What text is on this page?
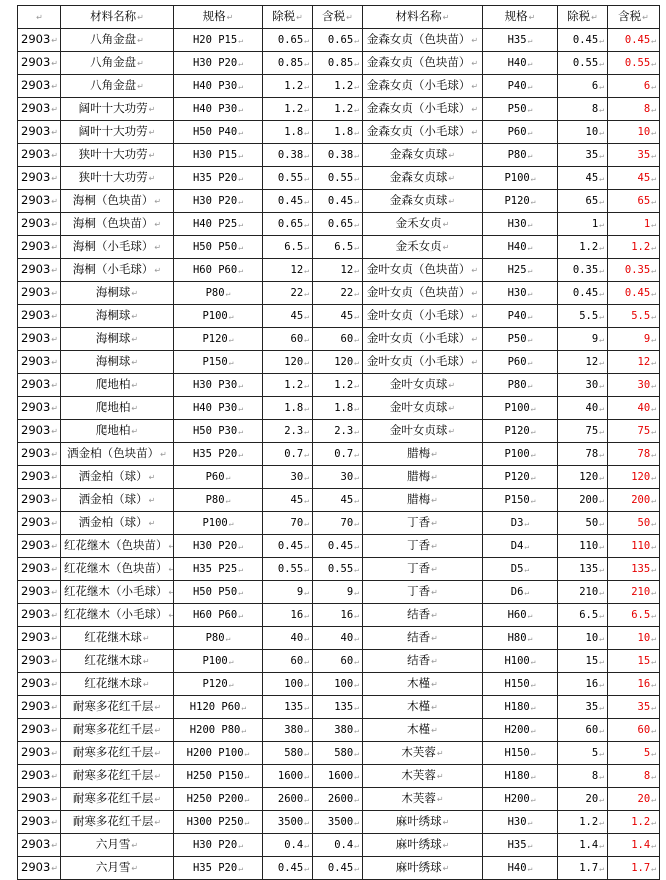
↵	材料名称 ↵	规格 ↵	除税 ↵	含税 ↵	材料名称 ↵	规格 ↵	除税 ↵	含税 ↵
2903 ↵	八角金盘 ↵	H20 P15 ↵	0.65 ↵	0.65 ↵	金森女贞（色块苗） ↵	H35 ↵	0.45 ↵	0.45 ↵
2903 ↵	八角金盘 ↵	H30 P20 ↵	0.85 ↵	0.85 ↵	金森女贞（色块苗） ↵	H40 ↵	0.55 ↵	0.55 ↵
2903 ↵	八角金盘 ↵	H40 P30 ↵	1.2 ↵	1.2 ↵	金森女贞（小毛球） ↵	P40 ↵	6 ↵	6 ↵
2903 ↵	阔叶十大功劳 ↵	H40 P30 ↵	1.2 ↵	1.2 ↵	金森女贞（小毛球） ↵	P50 ↵	8 ↵	8 ↵
2903 ↵	阔叶十大功劳 ↵	H50 P40 ↵	1.8 ↵	1.8 ↵	金森女贞（小毛球） ↵	P60 ↵	10 ↵	10 ↵
2903 ↵	狭叶十大功劳 ↵	H30 P15 ↵	0.38 ↵	0.38 ↵	金森女贞球 ↵	P80 ↵	35 ↵	35 ↵
2903 ↵	狭叶十大功劳 ↵	H35 P20 ↵	0.55 ↵	0.55 ↵	金森女贞球 ↵	P100 ↵	45 ↵	45 ↵
2903 ↵	海桐（色块苗） ↵	H30 P20 ↵	0.45 ↵	0.45 ↵	金森女贞球 ↵	P120 ↵	65 ↵	65 ↵
2903 ↵	海桐（色块苗） ↵	H40 P25 ↵	0.65 ↵	0.65 ↵	金禾女贞 ↵	H30 ↵	1 ↵	1 ↵
2903 ↵	海桐（小毛球） ↵	H50 P50 ↵	6.5 ↵	6.5 ↵	金禾女贞 ↵	H40 ↵	1.2 ↵	1.2 ↵
2903 ↵	海桐（小毛球） ↵	H60 P60 ↵	12 ↵	12 ↵	金叶女贞（色块苗） ↵	H25 ↵	0.35 ↵	0.35 ↵
2903 ↵	海桐球 ↵	P80 ↵	22 ↵	22 ↵	金叶女贞（色块苗） ↵	H30 ↵	0.45 ↵	0.45 ↵
2903 ↵	海桐球 ↵	P100 ↵	45 ↵	45 ↵	金叶女贞（小毛球） ↵	P40 ↵	5.5 ↵	5.5 ↵
2903 ↵	海桐球 ↵	P120 ↵	60 ↵	60 ↵	金叶女贞（小毛球） ↵	P50 ↵	9 ↵	9 ↵
2903 ↵	海桐球 ↵	P150 ↵	120 ↵	120 ↵	金叶女贞（小毛球） ↵	P60 ↵	12 ↵	12 ↵
2903 ↵	爬地柏 ↵	H30 P30 ↵	1.2 ↵	1.2 ↵	金叶女贞球 ↵	P80 ↵	30 ↵	30 ↵
2903 ↵	爬地柏 ↵	H40 P30 ↵	1.8 ↵	1.8 ↵	金叶女贞球 ↵	P100 ↵	40 ↵	40 ↵
2903 ↵	爬地柏 ↵	H50 P30 ↵	2.3 ↵	2.3 ↵	金叶女贞球 ↵	P120 ↵	75 ↵	75 ↵
2903 ↵	洒金柏（色块苗） ↵	H35 P20 ↵	0.7 ↵	0.7 ↵	腊梅 ↵	P100 ↵	78 ↵	78 ↵
2903 ↵	洒金柏（球） ↵	P60 ↵	30 ↵	30 ↵	腊梅 ↵	P120 ↵	120 ↵	120 ↵
2903 ↵	洒金柏（球） ↵	P80 ↵	45 ↵	45 ↵	腊梅 ↵	P150 ↵	200 ↵	200 ↵
2903 ↵	洒金柏（球） ↵	P100 ↵	70 ↵	70 ↵	丁香 ↵	D3 ↵	50 ↵	50 ↵
2903 ↵	红花继木（色块苗） ↵	H30 P20 ↵	0.45 ↵	0.45 ↵	丁香 ↵	D4 ↵	110 ↵	110 ↵
2903 ↵	红花继木（色块苗） ↵	H35 P25 ↵	0.55 ↵	0.55 ↵	丁香 ↵	D5 ↵	135 ↵	135 ↵
2903 ↵	红花继木（小毛球） ↵	H50 P50 ↵	9 ↵	9 ↵	丁香 ↵	D6 ↵	210 ↵	210 ↵
2903 ↵	红花继木（小毛球） ↵	H60 P60 ↵	16 ↵	16 ↵	结香 ↵	H60 ↵	6.5 ↵	6.5 ↵
2903 ↵	红花继木球 ↵	P80 ↵	40 ↵	40 ↵	结香 ↵	H80 ↵	10 ↵	10 ↵
2903 ↵	红花继木球 ↵	P100 ↵	60 ↵	60 ↵	结香 ↵	H100 ↵	15 ↵	15 ↵
2903 ↵	红花继木球 ↵	P120 ↵	100 ↵	100 ↵	木槿 ↵	H150 ↵	16 ↵	16 ↵
2903 ↵	耐寒多花红千层 ↵	H120 P60 ↵	135 ↵	135 ↵	木槿 ↵	H180 ↵	35 ↵	35 ↵
2903 ↵	耐寒多花红千层 ↵	H200 P80 ↵	380 ↵	380 ↵	木槿 ↵	H200 ↵	60 ↵	60 ↵
2903 ↵	耐寒多花红千层 ↵	H200 P100 ↵	580 ↵	580 ↵	木芙蓉 ↵	H150 ↵	5 ↵	5 ↵
2903 ↵	耐寒多花红千层 ↵	H250 P150 ↵	1600 ↵	1600 ↵	木芙蓉 ↵	H180 ↵	8 ↵	8 ↵
2903 ↵	耐寒多花红千层 ↵	H250 P200 ↵	2600 ↵	2600 ↵	木芙蓉 ↵	H200 ↵	20 ↵	20 ↵
2903 ↵	耐寒多花红千层 ↵	H300 P250 ↵	3500 ↵	3500 ↵	麻叶绣球 ↵	H30 ↵	1.2 ↵	1.2 ↵
2903 ↵	六月雪 ↵	H30 P20 ↵	0.4 ↵	0.4 ↵	麻叶绣球 ↵	H35 ↵	1.4 ↵	1.4 ↵
2903 ↵	六月雪 ↵	H35 P20 ↵	0.45 ↵	0.45 ↵	麻叶绣球 ↵	H40 ↵	1.7 ↵	1.7 ↵
